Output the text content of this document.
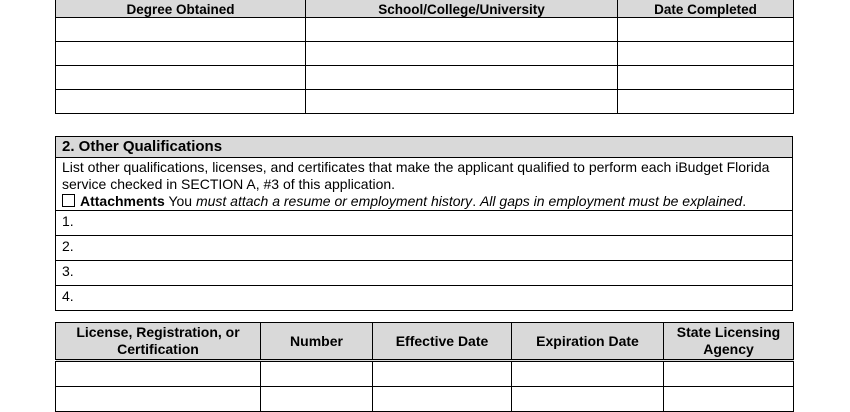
Degree Obtained	School/College/University	Date Completed

2. Other Qualifications
List other qualifications, licenses, and certificates that make the applicant qualified to perform each iBudget Florida service checked in SECTION A, #3 of this application.
Attachments You must attach a resume or employment history. All gaps in employment must be explained.
1.
2.
3.
4.
License, Registration, or Certification	Number	Effective Date	Expiration Date	State Licensing Agency
